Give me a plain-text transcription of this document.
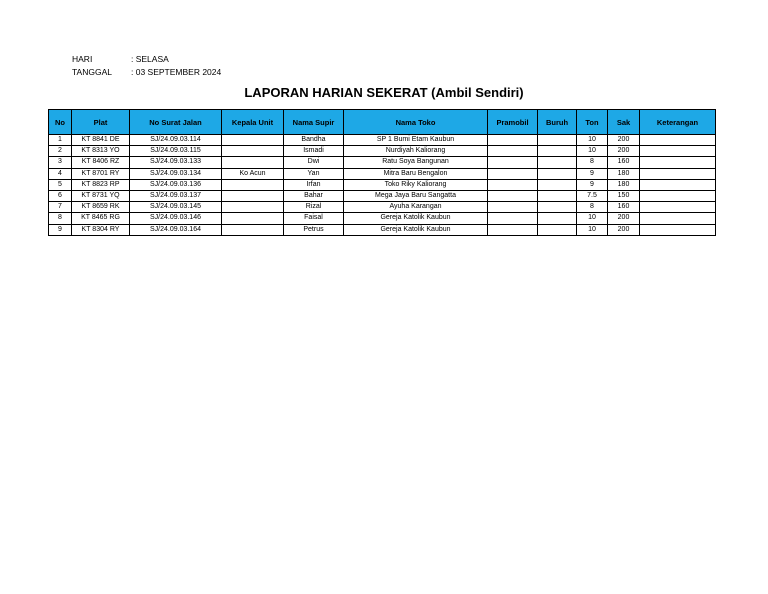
HARI	: SELASA
TANGGAL	: 03 SEPTEMBER 2024
LAPORAN HARIAN SEKERAT (Ambil Sendiri)
No	Plat	No Surat Jalan	Kepala Unit	Nama Supir	Nama Toko	Pramobil	Buruh	Ton	Sak	Keterangan
1	KT 8841 DE	SJ/24.09.03.114		Bandha	SP 1 Bumi Etam Kaubun			10	200	
2	KT 8313 YO	SJ/24.09.03.115		Ismadi	Nurdiyah Kaliorang			10	200	
3	KT 8406 RZ	SJ/24.09.03.133		Dwi	Ratu Soya Bangunan			8	160	
4	KT 8701 RY	SJ/24.09.03.134	Ko Acun	Yan	Mitra Baru Bengalon			9	180	
5	KT 8823 RP	SJ/24.09.03.136		Irfan	Toko Riky Kaliorang			9	180	
6	KT 8731 YQ	SJ/24.09.03.137		Bahar	Mega Jaya Baru Sangatta			7.5	150	
7	KT 8659 RK	SJ/24.09.03.145		Rizal	Ayuha Karangan			8	160	
8	KT 8465 RG	SJ/24.09.03.146		Faisal	Gereja Katolik Kaubun			10	200	
9	KT 8304 RY	SJ/24.09.03.164		Petrus	Gereja Katolik Kaubun			10	200	
